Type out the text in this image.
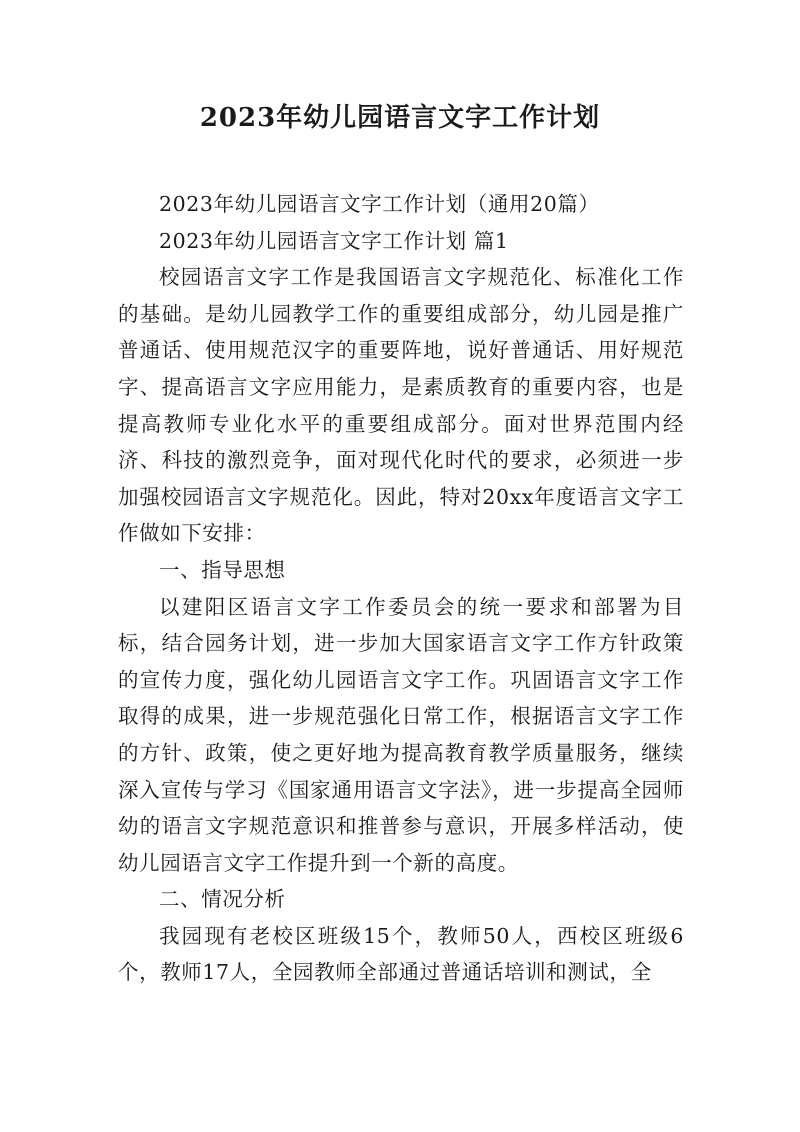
2023年幼儿园语言文字工作计划

2023年幼儿园语言文字工作计划（通用20篇）

2023年幼儿园语言文字工作计划 篇1

校园语言文字工作是我国语言文字规范化、标准化工作的基础。是幼儿园教学工作的重要组成部分，幼儿园是推广普通话、使用规范汉字的重要阵地，说好普通话、用好规范字、提高语言文字应用能力，是素质教育的重要内容，也是提高教师专业化水平的重要组成部分。面对世界范围内经济、科技的激烈竞争，面对现代化时代的要求，必须进一步加强校园语言文字规范化。因此，特对20xx年度语言文字工作做如下安排：

一、指导思想

以建阳区语言文字工作委员会的统一要求和部署为目标，结合园务计划，进一步加大国家语言文字工作方针政策的宣传力度，强化幼儿园语言文字工作。巩固语言文字工作取得的成果，进一步规范强化日常工作，根据语言文字工作的方针、政策，使之更好地为提高教育教学质量服务，继续深入宣传与学习《国家通用语言文字法》，进一步提高全园师幼的语言文字规范意识和推普参与意识，开展多样活动，使幼儿园语言文字工作提升到一个新的高度。

二、情况分析

我园现有老校区班级15个，教师50人，西校区班级6个，教师17人，全园教师全部通过普通话培训和测试，全
